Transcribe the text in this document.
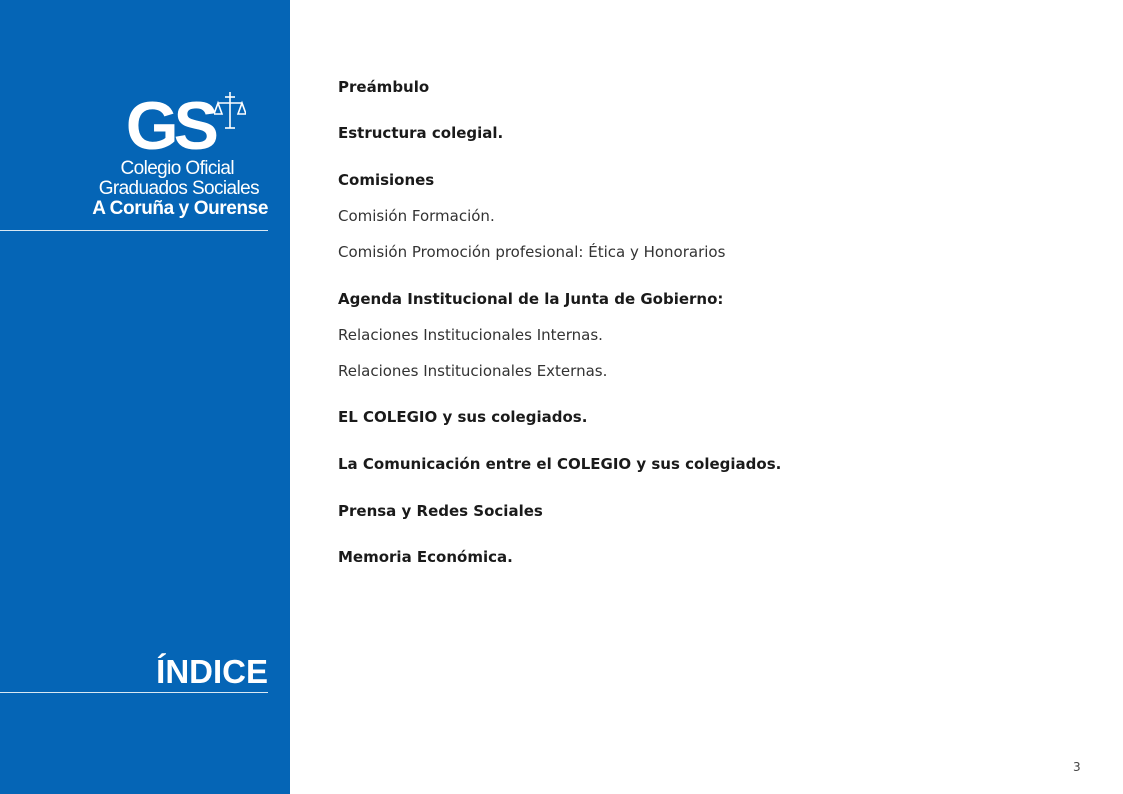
GS
Colegio Oficial
Graduados Sociales
A Coruña y Ourense
ÍNDICE
Preámbulo
Estructura colegial.
Comisiones
Comisión Formación.
Comisión Promoción profesional: Ética y Honorarios
Agenda Institucional de la Junta de Gobierno:
Relaciones Institucionales Internas.
Relaciones Institucionales Externas.
EL COLEGIO y sus colegiados.
La Comunicación entre el COLEGIO y sus colegiados.
Prensa y Redes Sociales
Memoria Económica.
3
